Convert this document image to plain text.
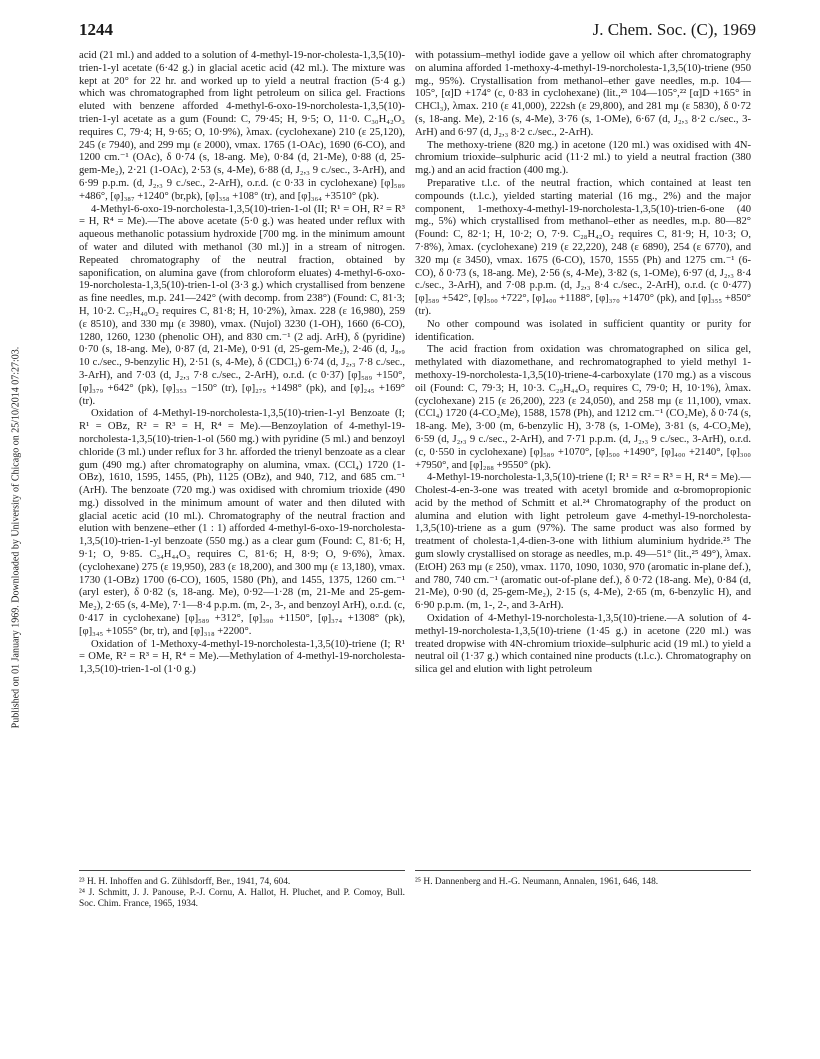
1244	J. Chem. Soc. (C), 1969
Published on 01 January 1969. Downloaded by University of Chicago on 25/10/2014 07:27:03.

acid (21 ml.) and added to a solution of 4-methyl-19-nor-cholesta-1,3,5(10)-trien-1-yl acetate (6·42 g.) in glacial acetic acid (42 ml.). The mixture was kept at 20° for 22 hr. and worked up to yield a neutral fraction (5·4 g.) which was chromatographed from light petroleum on silica gel. Fractions eluted with benzene afforded 4-methyl-6-oxo-19-norcholesta-1,3,5(10)-trien-1-yl acetate as a gum (Found: C, 79·45; H, 9·5; O, 11·0. C₃₀H₄₂O₃ requires C, 79·4; H, 9·65; O, 10·9%), λmax. (cyclohexane) 210 (ε 25,120), 245 (ε 7940), and 299 mμ (ε 2000), νmax. 1765 (1-OAc), 1690 (6-CO), and 1200 cm.⁻¹ (OAc), δ 0·74 (s, 18-ang. Me), 0·84 (d, 21-Me), 0·88 (d, 25-gem-Me₂), 2·21 (1-OAc), 2·53 (s, 4-Me), 6·88 (d, J₂,₃ 9 c./sec., 3-ArH), and 6·99 p.p.m. (d, J₂,₃ 9 c./sec., 2-ArH), o.r.d. (c 0·33 in cyclohexane) [φ]₅₈₉ +486°, [φ]₃₈₇ +1240° (br,pk), [φ]₃₅₈ +108° (tr), and [φ]₃₆₄ +3510° (pk).

4-Methyl-6-oxo-19-norcholesta-1,3,5(10)-trien-1-ol (II; R¹ = OH, R² = R³ = H, R⁴ = Me).—The above acetate (5·0 g.) was heated under reflux with aqueous methanolic potassium hydroxide [700 mg. in the minimum amount of water and diluted with methanol (30 ml.)] in a stream of nitrogen. Repeated chromatography of the neutral fraction, obtained by saponification, on alumina gave (from chloroform eluates) 4-methyl-6-oxo-19-norcholesta-1,3,5(10)-trien-1-ol (3·3 g.) which crystallised from benzene as fine needles, m.p. 241—242° (with decomp. from 238°) (Found: C, 81·3; H, 10·2. C₂₇H₄₀O₂ requires C, 81·8; H, 10·2%), λmax. 228 (ε 16,980), 259 (ε 8510), and 330 mμ (ε 3980), νmax. (Nujol) 3230 (1-OH), 1660 (6-CO), 1280, 1260, 1230 (phenolic OH), and 830 cm.⁻¹ (2 adj. ArH), δ (pyridine) 0·70 (s, 18-ang. Me), 0·87 (d, 21-Me), 0·91 (d, 25-gem-Me₂), 2·46 (d, J₈,₉ 10 c./sec., 9-benzylic H), 2·51 (s, 4-Me), δ (CDCl₃) 6·74 (d, J₂,₃ 7·8 c./sec., 3-ArH), and 7·03 (d, J₂,₃ 7·8 c./sec., 2-ArH), o.r.d. (c 0·37) [φ]₅₈₉ +150°, [φ]₃₇₉ +642° (pk), [φ]₃₅₃ −150° (tr), [φ]₂₇₅ +1498° (pk), and [φ]₂₄₅ +169° (tr).

Oxidation of 4-Methyl-19-norcholesta-1,3,5(10)-trien-1-yl Benzoate (I; R¹ = OBz, R² = R³ = H, R⁴ = Me).—Benzoylation of 4-methyl-19-norcholesta-1,3,5(10)-trien-1-ol (560 mg.) with pyridine (5 ml.) and benzoyl chloride (3 ml.) under reflux for 3 hr. afforded the trienyl benzoate as a clear gum (490 mg.) after chromatography on alumina, νmax. (CCl₄) 1720 (1-OBz), 1610, 1595, 1455, (Ph), 1125 (OBz), and 940, 712, and 685 cm.⁻¹ (ArH). The benzoate (720 mg.) was oxidised with chromium trioxide (490 mg.) dissolved in the minimum amount of water and then diluted with glacial acetic acid (10 ml.). Chromatography of the neutral fraction and elution with benzene–ether (1 : 1) afforded 4-methyl-6-oxo-19-norcholesta-1,3,5(10)-trien-1-yl benzoate (550 mg.) as a clear gum (Found: C, 81·6; H, 9·1; O, 9·85. C₃₄H₄₄O₃ requires C, 81·6; H, 8·9; O, 9·6%), λmax. (cyclohexane) 275 (ε 19,950), 283 (ε 18,200), and 300 mμ (ε 13,180), νmax. 1730 (1-OBz) 1700 (6-CO), 1605, 1580 (Ph), and 1455, 1375, 1260 cm.⁻¹ (aryl ester), δ 0·82 (s, 18-ang. Me), 0·92—1·28 (m, 21-Me and 25-gem-Me₂), 2·65 (s, 4-Me), 7·1—8·4 p.p.m. (m, 2-, 3-, and benzoyl ArH), o.r.d. (c, 0·417 in cyclohexane) [φ]₅₈₉ +312°, [φ]₃₉₀ +1150°, [φ]₃₇₄ +1308° (pk), [φ]₃₄₅ +1055° (br, tr), and [φ]₃₁₈ +2200°.

Oxidation of 1-Methoxy-4-methyl-19-norcholesta-1,3,5(10)-triene (I; R¹ = OMe, R² = R³ = H, R⁴ = Me).—Methylation of 4-methyl-19-norcholesta-1,3,5(10)-trien-1-ol (1·0 g.)

with potassium–methyl iodide gave a yellow oil which after chromatography on alumina afforded 1-methoxy-4-methyl-19-norcholesta-1,3,5(10)-triene (950 mg., 95%). Crystallisation from methanol–ether gave needles, m.p. 104—105°, [α]D +174° (c, 0·83 in cyclohexane) (lit.,²³ 104—105°,²² [α]D +165° in CHCl₃), λmax. 210 (ε 41,000), 222sh (ε 29,800), and 281 mμ (ε 5830), δ 0·72 (s, 18-ang. Me), 2·16 (s, 4-Me), 3·76 (s, 1-OMe), 6·67 (d, J₂,₃ 8·2 c./sec., 3-ArH) and 6·97 (d, J₂,₃ 8·2 c./sec., 2-ArH).

The methoxy-triene (820 mg.) in acetone (120 ml.) was oxidised with 4N-chromium trioxide–sulphuric acid (11·2 ml.) to yield a neutral fraction (380 mg.) and an acid fraction (400 mg.).

Preparative t.l.c. of the neutral fraction, which contained at least ten compounds (t.l.c.), yielded starting material (16 mg., 2%) and the major component, 1-methoxy-4-methyl-19-norcholesta-1,3,5(10)-trien-6-one (40 mg., 5%) which crystallised from methanol–ether as needles, m.p. 80—82° (Found: C, 82·1; H, 10·2; O, 7·9. C₂₈H₄₂O₂ requires C, 81·9; H, 10·3; O, 7·8%), λmax. (cyclohexane) 219 (ε 22,220), 248 (ε 6890), 254 (ε 6770), and 320 mμ (ε 3450), νmax. 1675 (6-CO), 1570, 1555 (Ph) and 1275 cm.⁻¹ (6-CO), δ 0·73 (s, 18-ang. Me), 2·56 (s, 4-Me), 3·82 (s, 1-OMe), 6·97 (d, J₂,₃ 8·4 c./sec., 3-ArH), and 7·08 p.p.m. (d, J₂,₃ 8·4 c./sec., 2-ArH), o.r.d. (c 0·477) [φ]₅₈₉ +542°, [φ]₅₀₀ +722°, [φ]₄₀₀ +1188°, [φ]₃₇₀ +1470° (pk), and [φ]₃₅₅ +850° (tr).

No other compound was isolated in sufficient quantity or purity for identification.

The acid fraction from oxidation was chromatographed on silica gel, methylated with diazomethane, and rechromatographed to yield methyl 1-methoxy-19-norcholesta-1,3,5(10)-triene-4-carboxylate (170 mg.) as a viscous oil (Found: C, 79·3; H, 10·3. C₂₉H₄₄O₃ requires C, 79·0; H, 10·1%), λmax. (cyclohexane) 215 (ε 26,200), 223 (ε 24,050), and 258 mμ (ε 11,100), νmax. (CCl₄) 1720 (4-CO₂Me), 1588, 1578 (Ph), and 1212 cm.⁻¹ (CO₂Me), δ 0·74 (s, 18-ang. Me), 3·00 (m, 6-benzylic H), 3·78 (s, 1-OMe), 3·81 (s, 4-CO₂Me), 6·59 (d, J₂,₃ 9 c./sec., 2-ArH), and 7·71 p.p.m. (d, J₂,₃ 9 c./sec., 3-ArH), o.r.d. (c, 0·550 in cyclohexane) [φ]₅₈₉ +1070°, [φ]₅₀₀ +1490°, [φ]₄₀₀ +2140°, [φ]₃₀₀ +7950°, and [φ]₂₈₈ +9550° (pk).

4-Methyl-19-norcholesta-1,3,5(10)-triene (I; R¹ = R² = R³ = H, R⁴ = Me).—Cholest-4-en-3-one was treated with acetyl bromide and α-bromopropionic acid by the method of Schmitt et al.²⁴ Chromatography of the product on alumina and elution with light petroleum gave 4-methyl-19-norcholesta-1,3,5(10)-triene as a gum (97%). The same product was also formed by treatment of cholesta-1,4-dien-3-one with lithium aluminium hydride.²⁵ The gum slowly crystallised on storage as needles, m.p. 49—51° (lit.,²⁵ 49°), λmax. (EtOH) 263 mμ (ε 250), νmax. 1170, 1090, 1030, 970 (aromatic in-plane def.), and 780, 740 cm.⁻¹ (aromatic out-of-plane def.), δ 0·72 (18-ang. Me), 0·84 (d, 21-Me), 0·90 (d, 25-gem-Me₂), 2·15 (s, 4-Me), 2·65 (m, 6-benzylic H), and 6·90 p.p.m. (m, 1-, 2-, and 3-ArH).

Oxidation of 4-Methyl-19-norcholesta-1,3,5(10)-triene.—A solution of 4-methyl-19-norcholesta-1,3,5(10)-triene (1·45 g.) in acetone (220 ml.) was treated dropwise with 4N-chromium trioxide–sulphuric acid (19 ml.) to yield a neutral oil (1·37 g.) which contained nine products (t.l.c.). Chromatography on silica gel and elution with light petroleum

²³ H. H. Inhoffen and G. Zühlsdorff, Ber., 1941, 74, 604.

²⁴ J. Schmitt, J. J. Panouse, P.-J. Cornu, A. Hallot, H. Pluchet, and P. Comoy, Bull. Soc. Chim. France, 1965, 1934.

²⁵ H. Dannenberg and H.-G. Neumann, Annalen, 1961, 646, 148.
